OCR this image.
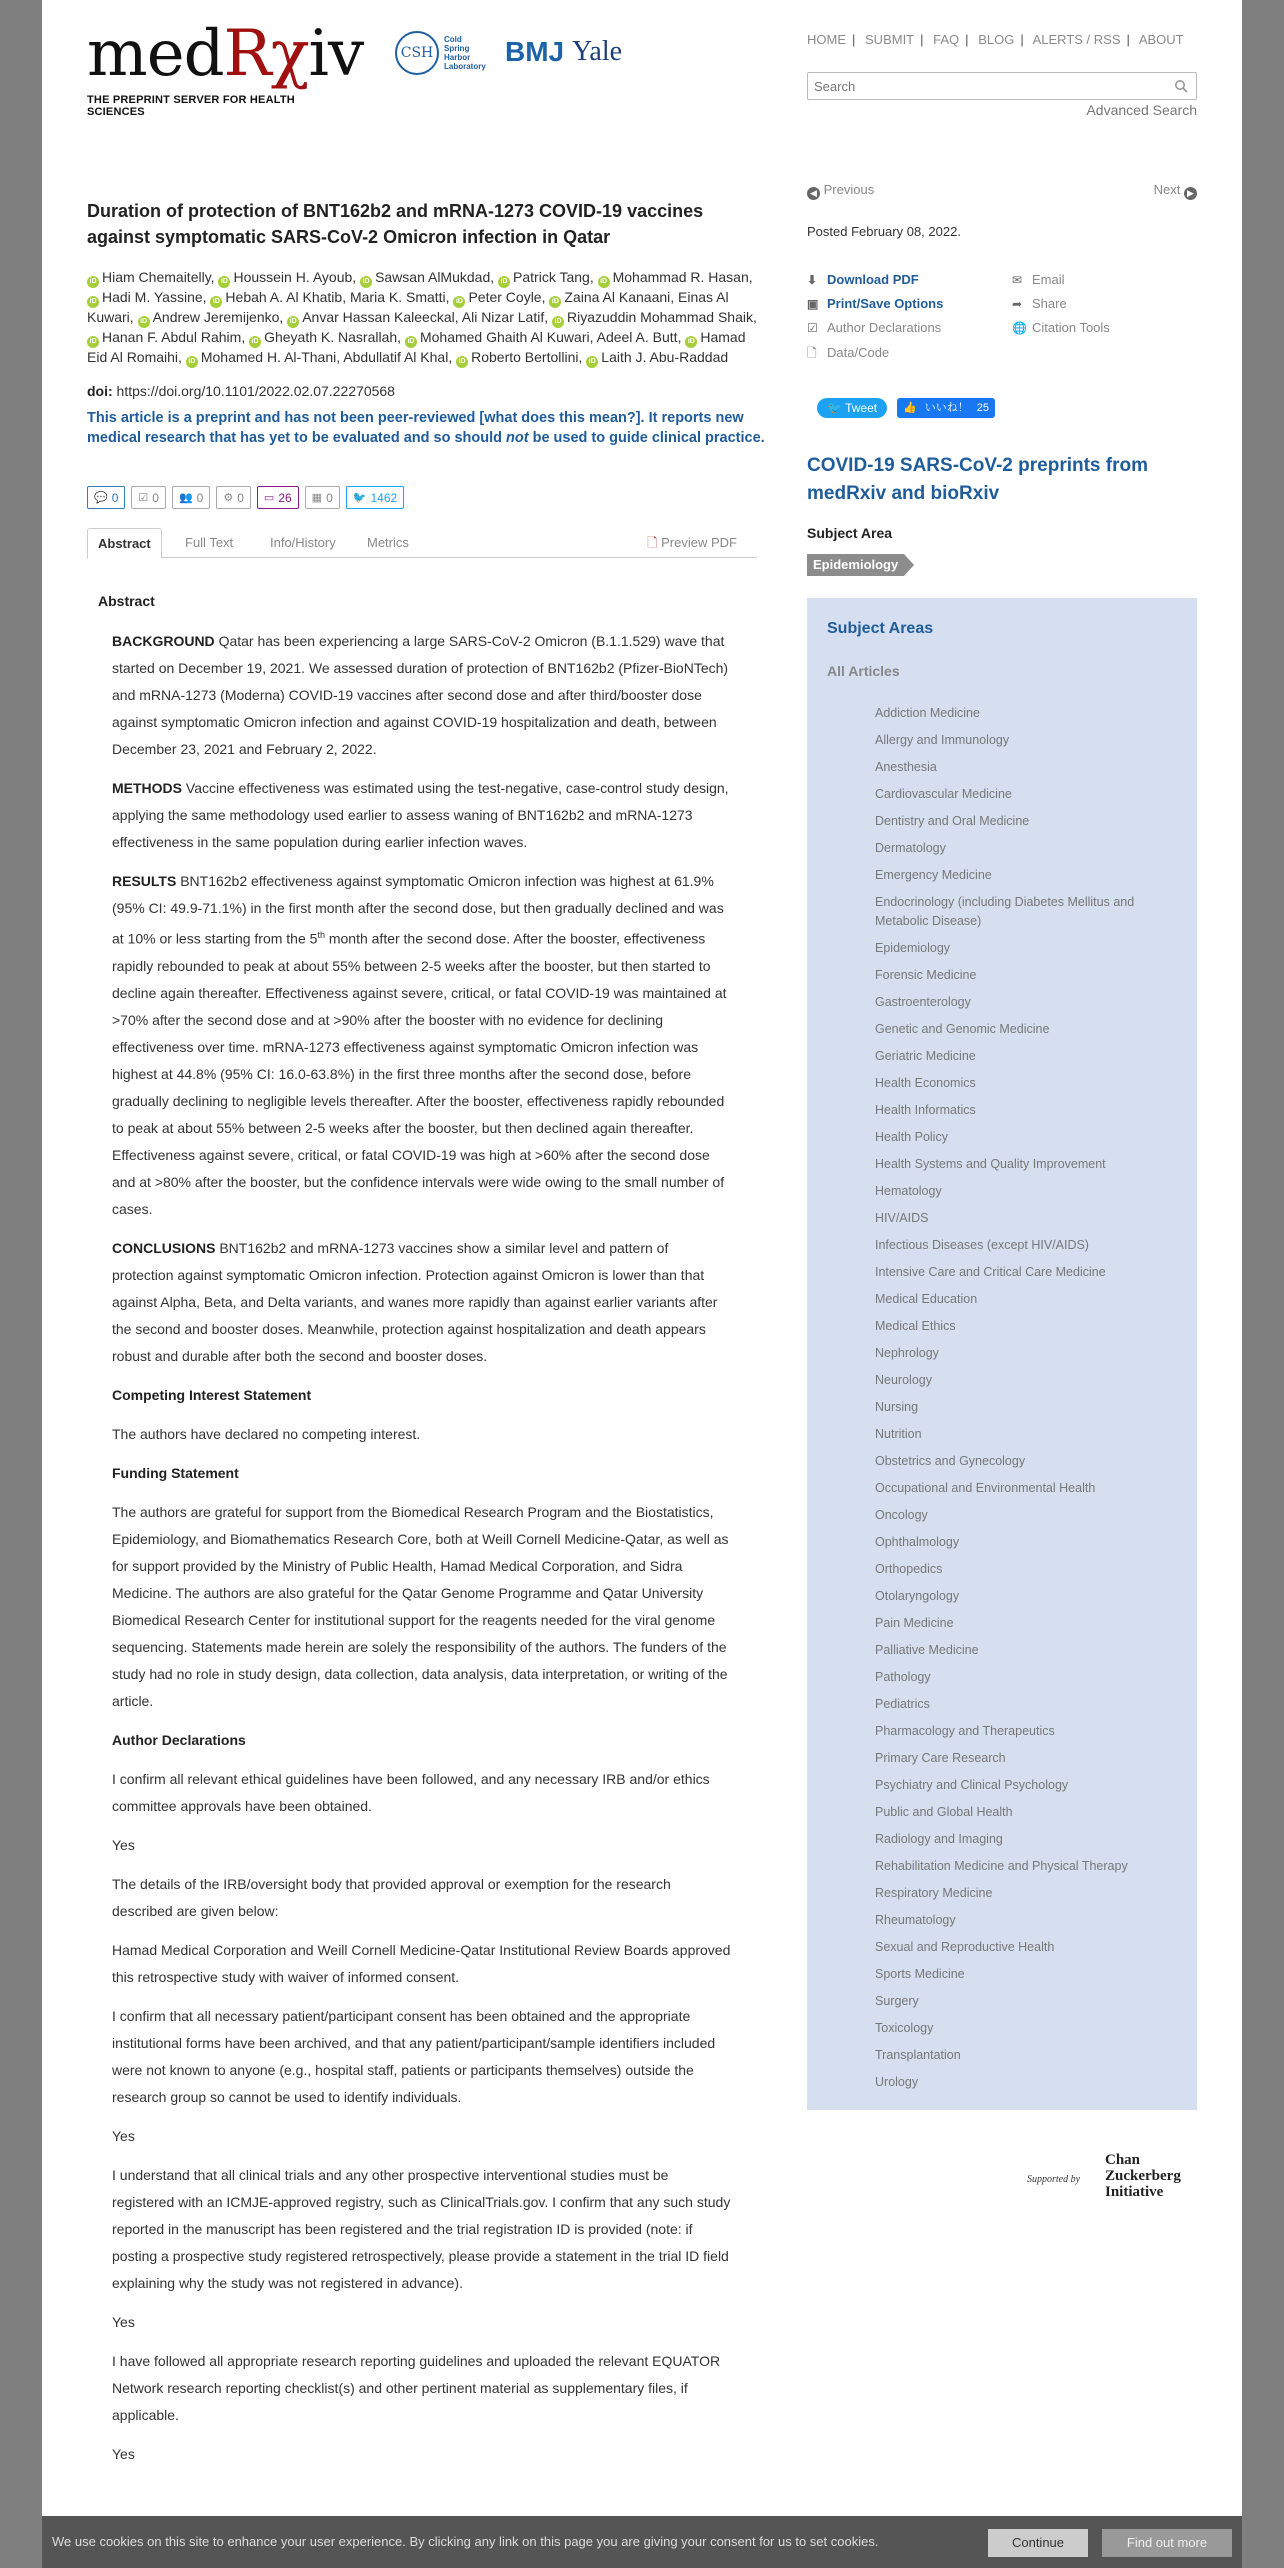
medRχiv
THE PREPRINT SERVER FOR HEALTH SCIENCES
CSH
Cold
Spring
Harbor
Laboratory BMJ Yale	HOME | SUBMIT | FAQ | BLOG | ALERTS / RSS | ABOUT
Search
Advanced Search
Duration of protection of BNT162b2 and mRNA-1273 COVID-19 vaccines against symptomatic SARS-CoV-2 Omicron infection in Qatar
iD Hiam Chemaitelly, iD Houssein H. Ayoub, iD Sawsan AlMukdad, iD Patrick Tang, iD Mohammad R. Hasan, iD Hadi M. Yassine, iD Hebah A. Al Khatib, Maria K. Smatti, iD Peter Coyle, iD Zaina Al Kanaani, Einas Al Kuwari, iD Andrew Jeremijenko, iD Anvar Hassan Kaleeckal, Ali Nizar Latif, iD Riyazuddin Mohammad Shaik, iD Hanan F. Abdul Rahim, iD Gheyath K. Nasrallah, iD Mohamed Ghaith Al Kuwari, Adeel A. Butt, iD Hamad Eid Al Romaihi, iD Mohamed H. Al-Thani, Abdullatif Al Khal, iD Roberto Bertollini, iD Laith J. Abu-Raddad
doi: https://doi.org/10.1101/2022.02.07.22270568
This article is a preprint and has not been peer-reviewed [what does this mean?]. It reports new medical research that has yet to be evaluated and so should not be used to guide clinical practice.
💬 0 ☑ 0 👥 0 ⚙ 0 ▭ 26 ▦ 0 🐦 1462
Abstract	Full Text	Info/History Metrics	🗋 Preview PDF
Abstract

BACKGROUND Qatar has been experiencing a large SARS-CoV-2 Omicron (B.1.1.529) wave that started on December 19, 2021. We assessed duration of protection of BNT162b2 (Pfizer-BioNTech) and mRNA-1273 (Moderna) COVID-19 vaccines after second dose and after third/booster dose against symptomatic Omicron infection and against COVID-19 hospitalization and death, between December 23, 2021 and February 2, 2022.

METHODS Vaccine effectiveness was estimated using the test-negative, case-control study design, applying the same methodology used earlier to assess waning of BNT162b2 and mRNA-1273 effectiveness in the same population during earlier infection waves.

RESULTS BNT162b2 effectiveness against symptomatic Omicron infection was highest at 61.9% (95% CI: 49.9-71.1%) in the first month after the second dose, but then gradually declined and was at 10% or less starting from the 5th month after the second dose. After the booster, effectiveness rapidly rebounded to peak at about 55% between 2-5 weeks after the booster, but then started to decline again thereafter. Effectiveness against severe, critical, or fatal COVID-19 was maintained at >70% after the second dose and at >90% after the booster with no evidence for declining effectiveness over time. mRNA-1273 effectiveness against symptomatic Omicron infection was highest at 44.8% (95% CI: 16.0-63.8%) in the first three months after the second dose, before gradually declining to negligible levels thereafter. After the booster, effectiveness rapidly rebounded to peak at about 55% between 2-5 weeks after the booster, but then declined again thereafter. Effectiveness against severe, critical, or fatal COVID-19 was high at >60% after the second dose and at >80% after the booster, but the confidence intervals were wide owing to the small number of cases.

CONCLUSIONS BNT162b2 and mRNA-1273 vaccines show a similar level and pattern of protection against symptomatic Omicron infection. Protection against Omicron is lower than that against Alpha, Beta, and Delta variants, and wanes more rapidly than against earlier variants after the second and booster doses. Meanwhile, protection against hospitalization and death appears robust and durable after both the second and booster doses.

Competing Interest Statement

The authors have declared no competing interest.

Funding Statement

The authors are grateful for support from the Biomedical Research Program and the Biostatistics, Epidemiology, and Biomathematics Research Core, both at Weill Cornell Medicine-Qatar, as well as for support provided by the Ministry of Public Health, Hamad Medical Corporation, and Sidra Medicine. The authors are also grateful for the Qatar Genome Programme and Qatar University Biomedical Research Center for institutional support for the reagents needed for the viral genome sequencing. Statements made herein are solely the responsibility of the authors. The funders of the study had no role in study design, data collection, data analysis, data interpretation, or writing of the article.

Author Declarations

I confirm all relevant ethical guidelines have been followed, and any necessary IRB and/or ethics committee approvals have been obtained.

Yes

The details of the IRB/oversight body that provided approval or exemption for the research described are given below:

Hamad Medical Corporation and Weill Cornell Medicine-Qatar Institutional Review Boards approved this retrospective study with waiver of informed consent.

I confirm that all necessary patient/participant consent has been obtained and the appropriate institutional forms have been archived, and that any patient/participant/sample identifiers included were not known to anyone (e.g., hospital staff, patients or participants themselves) outside the research group so cannot be used to identify individuals.

Yes

I understand that all clinical trials and any other prospective interventional studies must be registered with an ICMJE-approved registry, such as ClinicalTrials.gov. I confirm that any such study reported in the manuscript has been registered and the trial registration ID is provided (note: if posting a prospective study registered retrospectively, please provide a statement in the trial ID field explaining why the study was not registered in advance).

Yes

I have followed all appropriate research reporting guidelines and uploaded the relevant EQUATOR Network research reporting checklist(s) and other pertinent material as supplementary files, if applicable.

Yes

◀ Previous	Next ▶
Posted February 08, 2022.
⬇ Download PDF
▣ Print/Save Options
☑ Author Declarations
🗋 Data/Code
✉ Email
➦ Share
🌐 Citation Tools
🐦 Tweet	👍 いいね！ 25
COVID-19 SARS-CoV-2 preprints from medRxiv and bioRxiv
Subject Area
Epidemiology
Subject Areas
All Articles
Addiction Medicine
Allergy and Immunology
Anesthesia
Cardiovascular Medicine
Dentistry and Oral Medicine
Dermatology
Emergency Medicine
Endocrinology (including Diabetes Mellitus and Metabolic Disease)
Epidemiology
Forensic Medicine
Gastroenterology
Genetic and Genomic Medicine
Geriatric Medicine
Health Economics
Health Informatics
Health Policy
Health Systems and Quality Improvement
Hematology
HIV/AIDS
Infectious Diseases (except HIV/AIDS)
Intensive Care and Critical Care Medicine
Medical Education
Medical Ethics
Nephrology
Neurology
Nursing
Nutrition
Obstetrics and Gynecology
Occupational and Environmental Health
Oncology
Ophthalmology
Orthopedics
Otolaryngology
Pain Medicine
Palliative Medicine
Pathology
Pediatrics
Pharmacology and Therapeutics
Primary Care Research
Psychiatry and Clinical Psychology
Public and Global Health
Radiology and Imaging
Rehabilitation Medicine and Physical Therapy
Respiratory Medicine
Rheumatology
Sexual and Reproductive Health
Sports Medicine
Surgery
Toxicology
Transplantation
Urology
Supported by
Chan
Zuckerberg
Initiative
We use cookies on this site to enhance your user experience. By clicking any link on this page you are giving your consent for us to set cookies.	Continue	Find out more
